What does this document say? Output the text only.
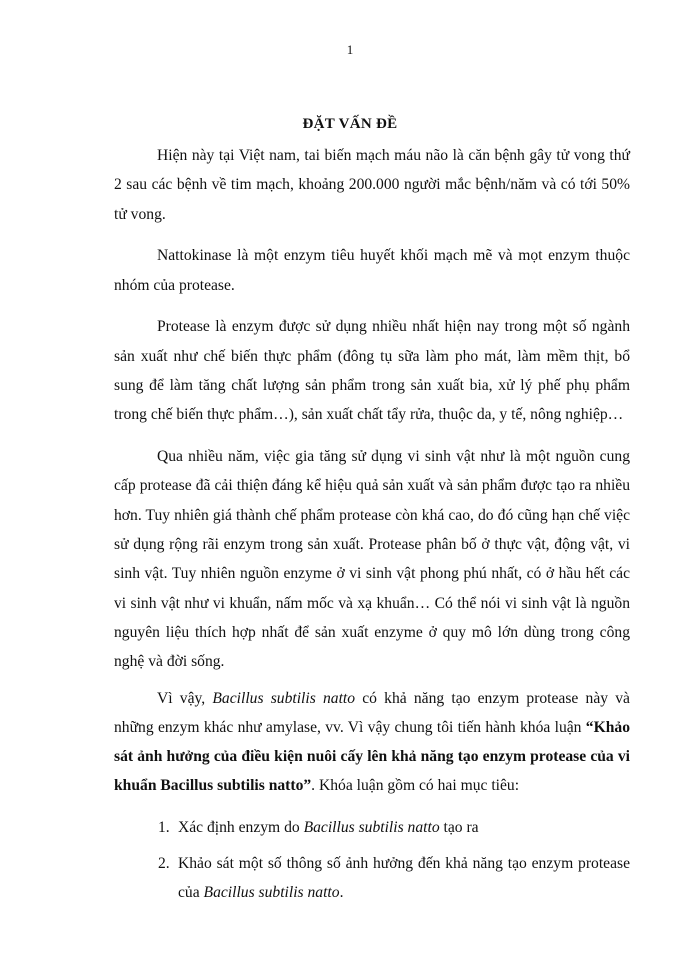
1
ĐẶT VẤN ĐỀ

Hiện này tại Việt nam, tai biến mạch máu não là căn bệnh gây tử vong thứ 2 sau các bệnh về tim mạch, khoảng 200.000 người mắc bệnh/năm và có tới 50% tử vong.

Nattokinase là một enzym tiêu huyết khối mạch mẽ và mọt enzym thuộc nhóm của protease.

Protease là enzym được sử dụng nhiều nhất hiện nay trong một số ngành sản xuất như chế biến thực phẩm (đông tụ sữa làm pho mát, làm mềm thịt, bổ sung để làm tăng chất lượng sản phẩm trong sản xuất bia, xử lý phế phụ phẩm trong chế biến thực phẩm…), sản xuất chất tẩy rửa, thuộc da, y tế, nông nghiệp…

Qua nhiều năm, việc gia tăng sử dụng vi sinh vật như là một nguồn cung cấp protease đã cải thiện đáng kể hiệu quả sản xuất và sản phẩm được tạo ra nhiều hơn. Tuy nhiên giá thành chế phẩm protease còn khá cao, do đó cũng hạn chế việc sử dụng rộng rãi enzym trong sản xuất. Protease phân bố ở thực vật, động vật, vi sinh vật. Tuy nhiên nguồn enzyme ở vi sinh vật phong phú nhất, có ở hầu hết các vi sinh vật như vi khuẩn, nấm mốc và xạ khuẩn… Có thể nói vi sinh vật là nguồn nguyên liệu thích hợp nhất để sản xuất enzyme ở quy mô lớn dùng trong công nghệ và đời sống.

Vì vậy, Bacillus subtilis natto có khả năng tạo enzym protease này và những enzym khác như amylase, vv. Vì vậy chung tôi tiến hành khóa luận “Khảo sát ảnh hưởng của điều kiện nuôi cấy lên khả năng tạo enzym protease của vi khuẩn Bacillus subtilis natto”. Khóa luận gồm có hai mục tiêu:

1. Xác định enzym do Bacillus subtilis natto tạo ra
2. Khảo sát một số thông số ảnh hưởng đến khả năng tạo enzym protease của Bacillus subtilis natto.
